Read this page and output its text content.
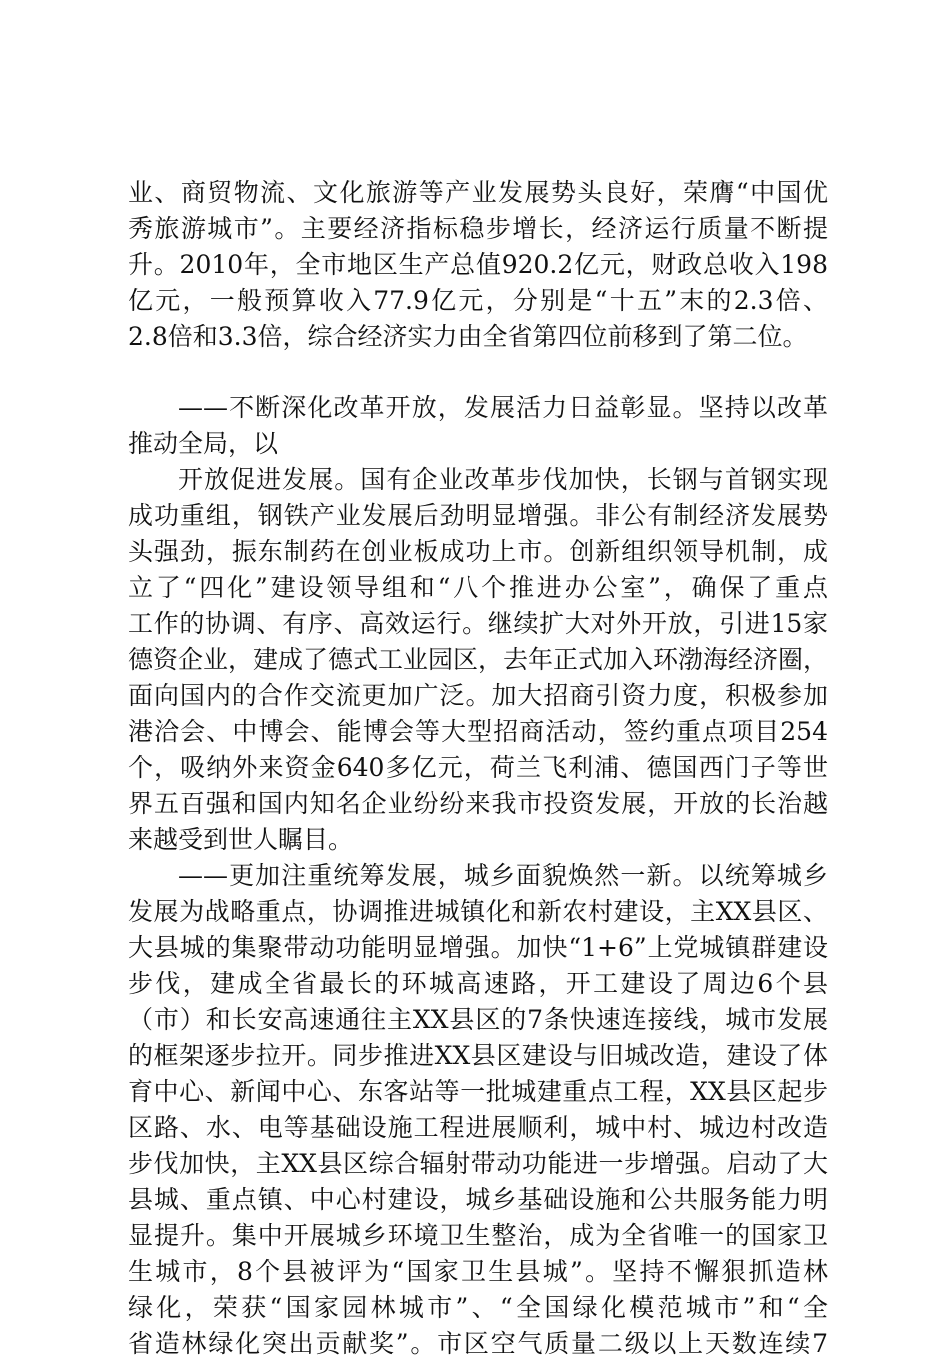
业、商贸物流、文化旅游等产业发展势头良好，荣膺“中国优
秀旅游城市”。主要经济指标稳步增长，经济运行质量不断提
升。2010年，全市地区生产总值920.2亿元，财政总收入198
亿元，一般预算收入77.9亿元，分别是“十五”末的2.3倍、
2.8倍和3.3倍，综合经济实力由全省第四位前移到了第二位。
——不断深化改革开放，发展活力日益彰显。坚持以改革
推动全局，以
开放促进发展。国有企业改革步伐加快，长钢与首钢实现
成功重组，钢铁产业发展后劲明显增强。非公有制经济发展势
头强劲，振东制药在创业板成功上市。创新组织领导机制，成
立了“四化”建设领导组和“八个推进办公室”，确保了重点
工作的协调、有序、高效运行。继续扩大对外开放，引进15家
德资企业，建成了德式工业园区，去年正式加入环渤海经济圈，
面向国内的合作交流更加广泛。加大招商引资力度，积极参加
港洽会、中博会、能博会等大型招商活动，签约重点项目254
个，吸纳外来资金640多亿元，荷兰飞利浦、德国西门子等世
界五百强和国内知名企业纷纷来我市投资发展，开放的长治越
来越受到世人瞩目。
——更加注重统筹发展，城乡面貌焕然一新。以统筹城乡
发展为战略重点，协调推进城镇化和新农村建设，主XX县区、
大县城的集聚带动功能明显增强。加快“1+6”上党城镇群建设
步伐，建成全省最长的环城高速路，开工建设了周边6个县
（市）和长安高速通往主XX县区的7条快速连接线，城市发展
的框架逐步拉开。同步推进XX县区建设与旧城改造，建设了体
育中心、新闻中心、东客站等一批城建重点工程，XX县区起步
区路、水、电等基础设施工程进展顺利，城中村、城边村改造
步伐加快，主XX县区综合辐射带动功能进一步增强。启动了大
县城、重点镇、中心村建设，城乡基础设施和公共服务能力明
显提升。集中开展城乡环境卫生整治，成为全省唯一的国家卫
生城市，8个县被评为“国家卫生县城”。坚持不懈狠抓造林
绿化，荣获“国家园林城市”、“全国绿化模范城市”和“全
省造林绿化突出贡献奖”。市区空气质量二级以上天数连续7
